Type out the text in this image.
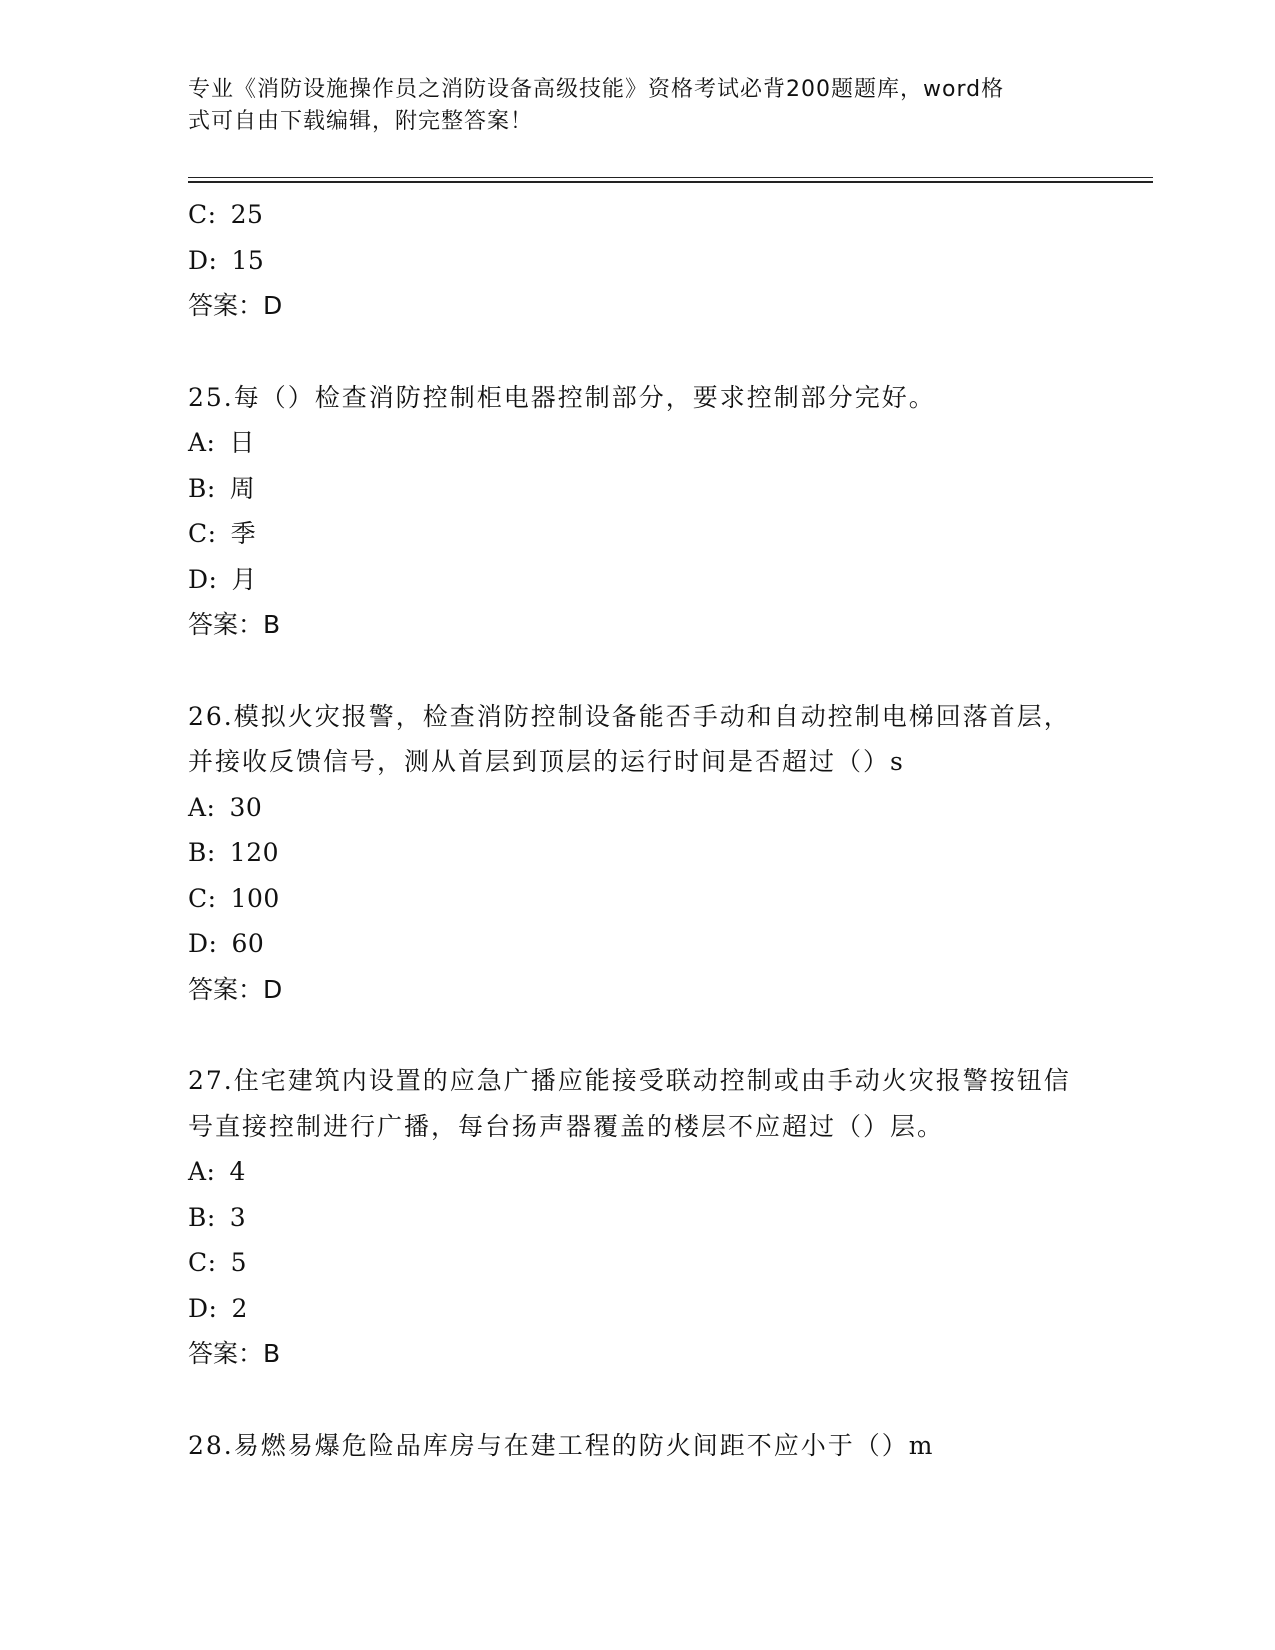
专业《消防设施操作员之消防设备高级技能》资格考试必背200题题库，word格
式可自由下载编辑，附完整答案！
C: 25
D: 15
答案：D
25.每（）检查消防控制柜电器控制部分，要求控制部分完好。
A: 日
B: 周
C: 季
D: 月
答案：B
26.模拟火灾报警，检查消防控制设备能否手动和自动控制电梯回落首层，并接收反馈信号，测从首层到顶层的运行时间是否超过（）s
A: 30
B: 120
C: 100
D: 60
答案：D
27.住宅建筑内设置的应急广播应能接受联动控制或由手动火灾报警按钮信号直接控制进行广播，每台扬声器覆盖的楼层不应超过（）层。
A: 4
B: 3
C: 5
D: 2
答案：B
28.易燃易爆危险品库房与在建工程的防火间距不应小于（）m
